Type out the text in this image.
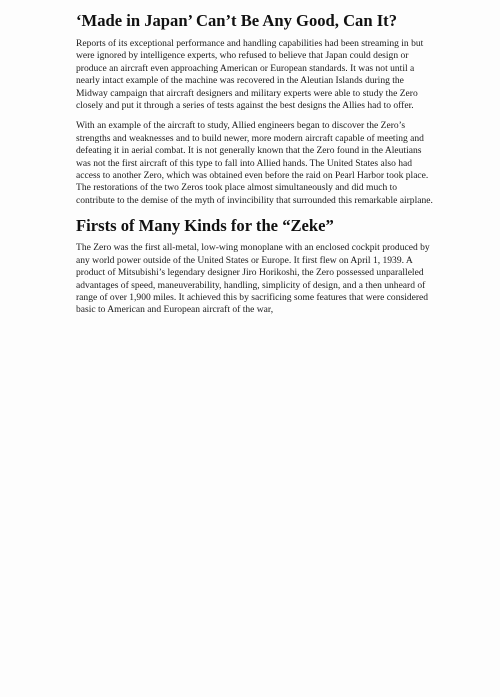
‘Made in Japan’ Can’t Be Any Good, Can It?

Reports of its exceptional performance and handling capabilities had been streaming in but were ignored by intelligence experts, who refused to believe that Japan could design or produce an aircraft even approaching American or European standards. It was not until a nearly intact example of the machine was recovered in the Aleutian Islands during the Midway campaign that aircraft designers and military experts were able to study the Zero closely and put it through a series of tests against the best designs the Allies had to offer.

With an example of the aircraft to study, Allied engineers began to discover the Zero’s strengths and weaknesses and to build newer, more modern aircraft capable of meeting and defeating it in aerial combat. It is not generally known that the Zero found in the Aleutians was not the first aircraft of this type to fall into Allied hands. The United States also had access to another Zero, which was obtained even before the raid on Pearl Harbor took place. The restorations of the two Zeros took place almost simultaneously and did much to contribute to the demise of the myth of invincibility that surrounded this remarkable airplane.

Firsts of Many Kinds for the “Zeke”

The Zero was the first all-metal, low-wing monoplane with an enclosed cockpit produced by any world power outside of the United States or Europe. It first flew on April 1, 1939. A product of Mitsubishi’s legendary designer Jiro Horikoshi, the Zero possessed unparalleled advantages of speed, maneuverability, handling, simplicity of design, and a then unheard of range of over 1,900 miles. It achieved this by sacrificing some features that were considered basic to American and European aircraft of the war,
